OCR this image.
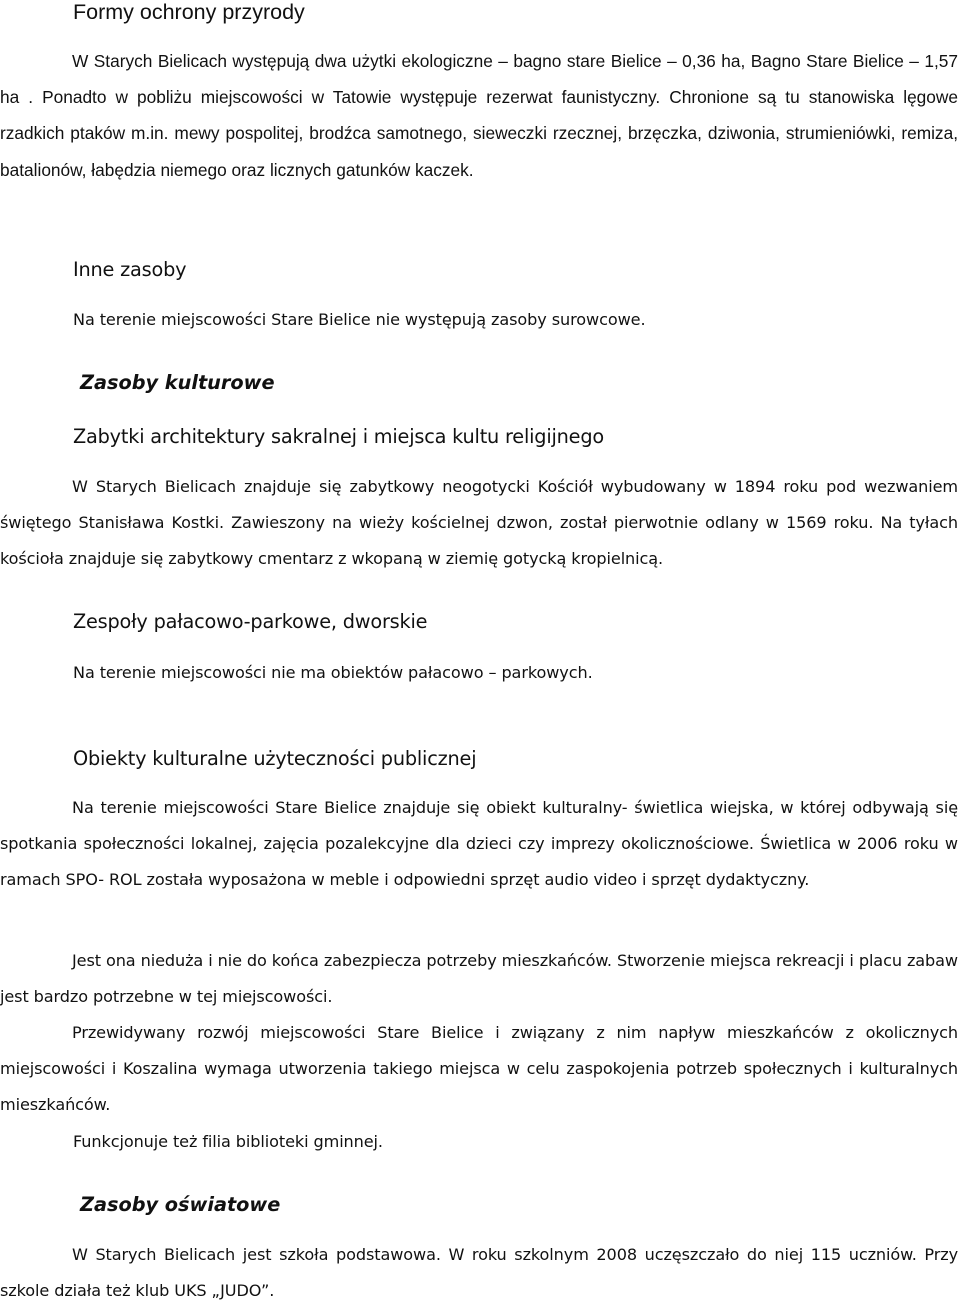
Formy ochrony przyrody

W Starych Bielicach występują dwa użytki ekologiczne – bagno stare Bielice – 0,36 ha, Bagno Stare Bielice – 1,57 ha . Ponadto w pobliżu miejscowości w Tatowie występuje rezerwat faunistyczny. Chronione są tu stanowiska lęgowe rzadkich ptaków m.in. mewy pospolitej, brodźca samotnego, sieweczki rzecznej, brzęczka, dziwonia, strumieniówki, remiza, batalionów, łabędzia niemego oraz licznych gatunków kaczek.

Inne zasoby

Na terenie miejscowości Stare Bielice nie występują zasoby surowcowe.

Zasoby kulturowe
Zabytki architektury sakralnej i miejsca kultu religijnego

W Starych Bielicach znajduje się zabytkowy neogotycki Kościół wybudowany w 1894 roku pod wezwaniem świętego Stanisława Kostki. Zawieszony na wieży kościelnej dzwon, został pierwotnie odlany w 1569 roku. Na tyłach kościoła znajduje się zabytkowy cmentarz z wkopaną w ziemię gotycką kropielnicą.

Zespoły pałacowo-parkowe, dworskie

Na terenie miejscowości nie ma obiektów pałacowo – parkowych.

Obiekty kulturalne użyteczności publicznej

Na terenie miejscowości Stare Bielice znajduje się obiekt kulturalny- świetlica wiejska, w której odbywają się spotkania społeczności lokalnej, zajęcia pozalekcyjne dla dzieci czy imprezy okolicznościowe. Świetlica w 2006 roku w ramach SPO- ROL została wyposażona w meble i odpowiedni sprzęt audio video i sprzęt dydaktyczny.

Jest ona nieduża i nie do końca zabezpiecza potrzeby mieszkańców. Stworzenie miejsca rekreacji i placu zabaw jest bardzo potrzebne w tej miejscowości.

Przewidywany rozwój miejscowości Stare Bielice i związany z nim napływ mieszkańców z okolicznych miejscowości i Koszalina wymaga utworzenia takiego miejsca w celu zaspokojenia potrzeb społecznych i kulturalnych mieszkańców.

Funkcjonuje też filia biblioteki gminnej.

Zasoby oświatowe

W Starych Bielicach jest szkoła podstawowa. W roku szkolnym 2008 uczęszczało do niej 115 uczniów. Przy szkole działa też klub UKS „JUDO”.
